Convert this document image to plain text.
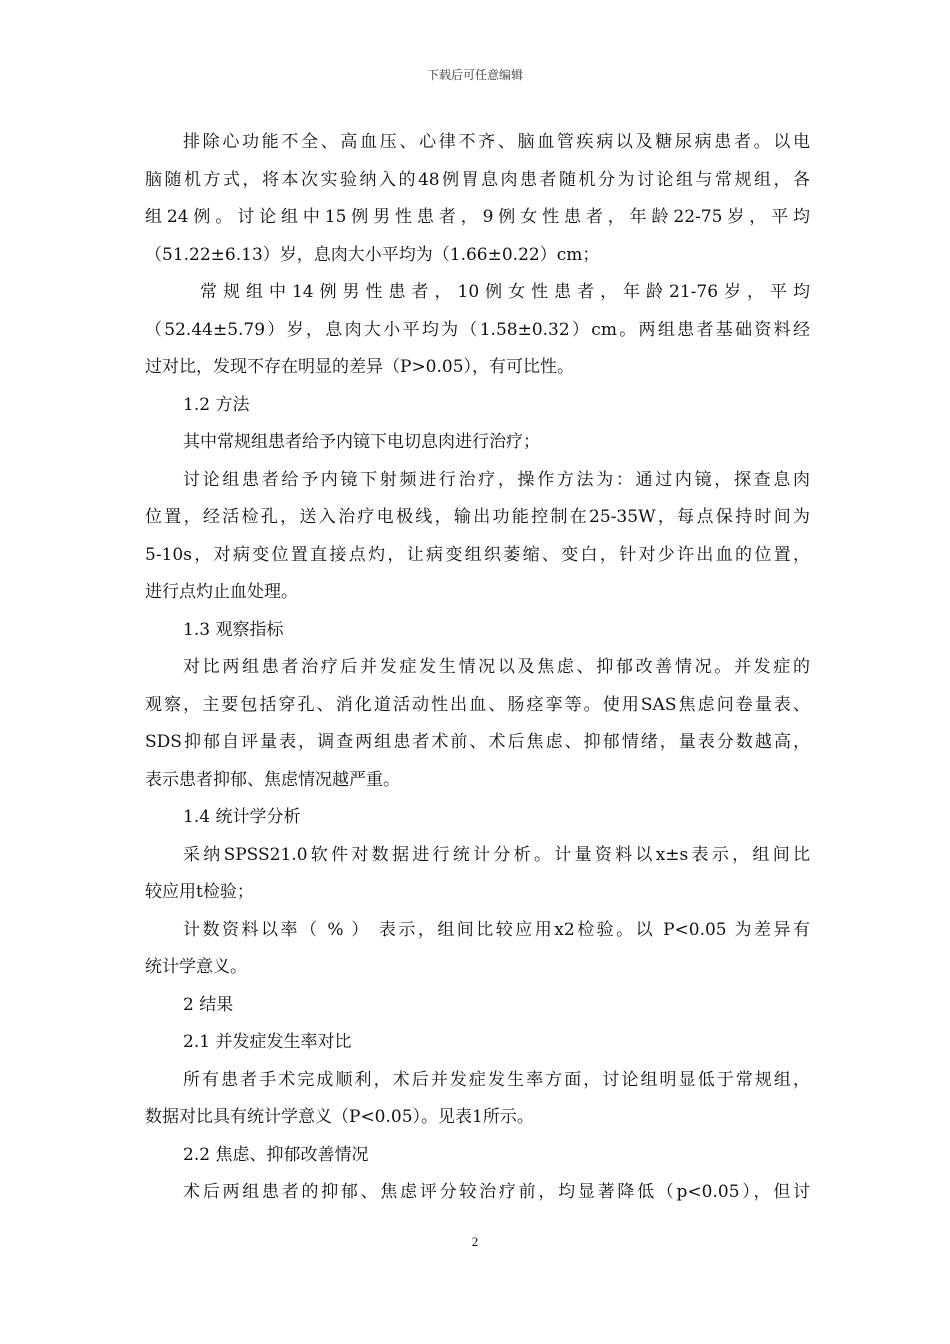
下载后可任意编辑
排除心功能不全、高血压、心律不齐、脑血管疾病以及糖尿病患者。以电
脑随机方式，将本次实验纳入的48例胃息肉患者随机分为讨论组与常规组，各
组24例。讨论组中15例男性患者，9例女性患者，年龄22-75岁，平均
（51.22±6.13）岁，息肉大小平均为（1.66±0.22）cm；
常规组中14例男性患者，10例女性患者，年龄21-76岁，平均
（52.44±5.79）岁，息肉大小平均为（1.58±0.32）cm。两组患者基础资料经
过对比，发现不存在明显的差异（P>0.05），有可比性。
1.2 方法
其中常规组患者给予内镜下电切息肉进行治疗；
讨论组患者给予内镜下射频进行治疗，操作方法为：通过内镜，探查息肉
位置，经活检孔，送入治疗电极线，输出功能控制在25-35W，每点保持时间为
5-10s，对病变位置直接点灼，让病变组织萎缩、变白，针对少许出血的位置，
进行点灼止血处理。
1.3 观察指标
对比两组患者治疗后并发症发生情况以及焦虑、抑郁改善情况。并发症的
观察，主要包括穿孔、消化道活动性出血、肠痉挛等。使用SAS焦虑问卷量表、
SDS抑郁自评量表，调查两组患者术前、术后焦虑、抑郁情绪，量表分数越高，
表示患者抑郁、焦虑情况越严重。
1.4 统计学分析
采纳SPSS21.0软件对数据进行统计分析。计量资料以x±s表示，组间比
较应用t检验；
计数资料以率（ % ） 表示，组间比较应用x2检验。以 P<0.05 为差异有
统计学意义。
2 结果
2.1 并发症发生率对比
所有患者手术完成顺利，术后并发症发生率方面，讨论组明显低于常规组，
数据对比具有统计学意义（P<0.05）。见表1所示。
2.2 焦虑、抑郁改善情况
术后两组患者的抑郁、焦虑评分较治疗前，均显著降低（p<0.05），但讨
2
